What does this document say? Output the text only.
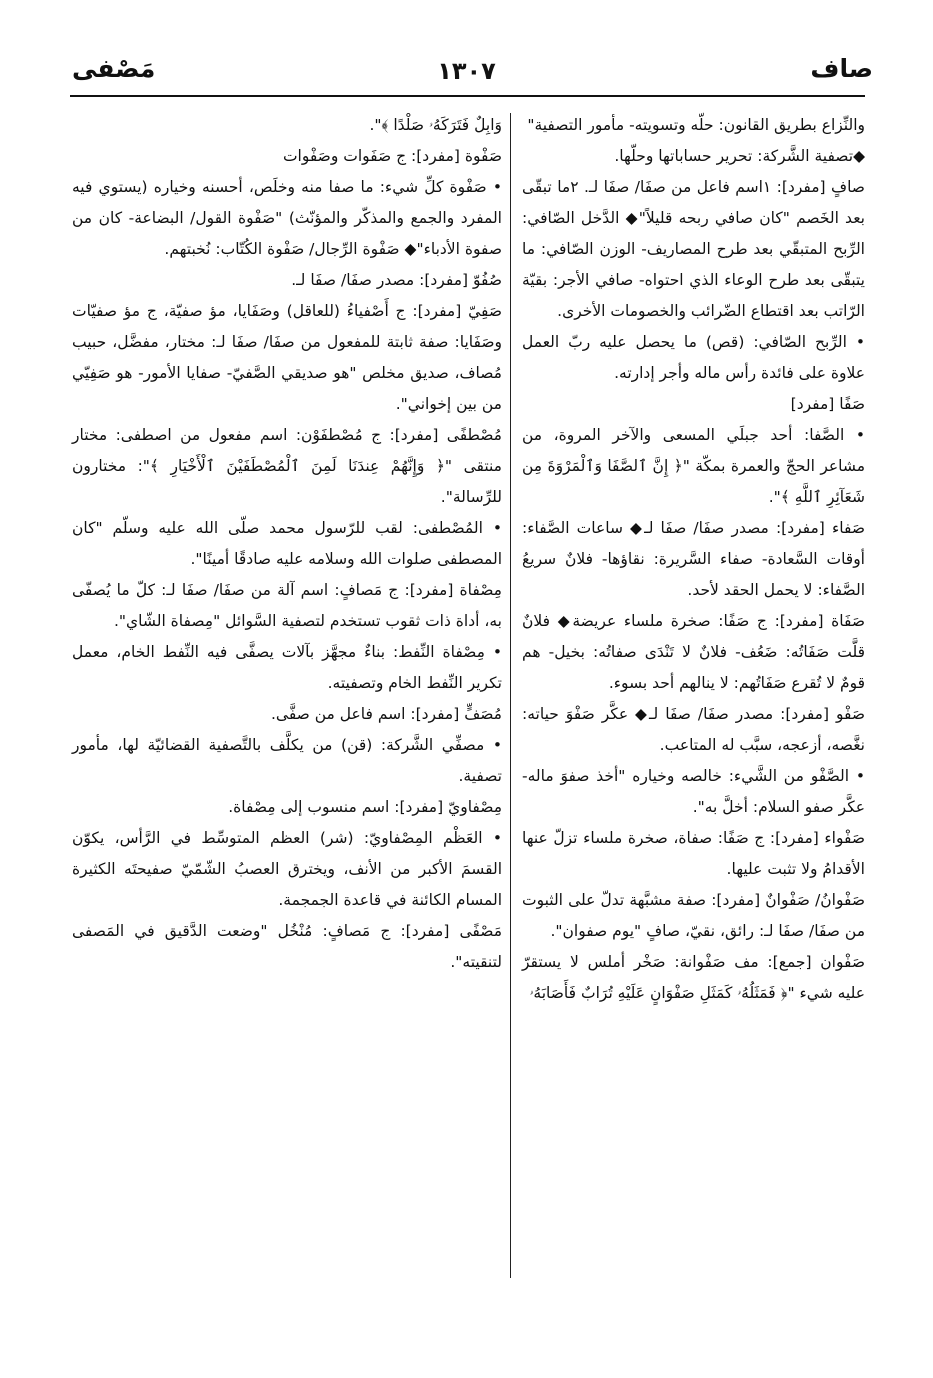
صاف
١٣٠٧
مَصْفى

والنِّزاع بطريق القانون: حلّه وتسويته- مأمور التصفية"

◆تصفية الشَّركة: تحرير حساباتها وحلّها.

صافٍ [مفرد]: ١اسم فاعل من صفَا/ صفَا لـ. ٢ما تبقّى بعد الخَصم "كان صافي ربحه قليلاً"◆ الدَّخل الصّافي: الرِّبح المتبقّي بعد طرح المصاريف- الوزن الصّافي: ما يتبقّى بعد طرح الوعاء الذي احتواه- صافي الأجر: بقيّة الرّاتب بعد اقتطاع الضّرائب والخصومات الأخرى.

• الرِّبح الصّافي: (قص) ما يحصل عليه ربّ العمل علاوة على فائدة رأس ماله وأجر إدارته.

صَفًا [مفرد]

• الصَّفا: أحد جبلَي المسعى والآخر المروة، من مشاعر الحجّ والعمرة بمكّة "﴿ إِنَّ ٱلصَّفَا وَٱلْمَرْوَةَ مِن شَعَآئِرِ ٱللَّهِ ﴾".

صَفاء [مفرد]: مصدر صفَا/ صفَا لـ◆ ساعات الصَّفاء: أوقات السَّعادة- صفاء السَّريرة: نقاؤها- فلانٌ سريعُ الصَّفاء: لا يحمل الحقد لأحد.

صَفَاة [مفرد]: ج صَفًا: صخرة ملساء عريضة◆ فلانٌ قلَّت صَفَاتُه: ضَعُف- فلانٌ لا تَنْدَى صفاتُه: بخيل- هم قومٌ لا تُقرع صَفَاتُهم: لا ينالهم أحد بسوء.

صَفْو [مفرد]: مصدر صفَا/ صفَا لـ◆ عكَّر صَفْوَ حياته: نغَّصه، أزعجه، سبَّب له المتاعب.

• الصَّفْو من الشَّيء: خالصه وخياره "أخذ صفوَ ماله- عكَّر صفو السلام: أخلَّ به".

صَفْواء [مفرد]: ج صَفًا: صفاة، صخرة ملساء تزلّ عنها الأقدامُ ولا تثبت عليها.

صَفْوانُ/ صَفْوانٌ [مفرد]: صفة مشبَّهة تدلّ على الثبوت من صفَا/ صفَا لـ: رائق، نقيّ، صافٍ "يوم صفوان".

صَفْوان [جمع]: مف صَفْوانة: صَخْر أملس لا يستقرّ عليه شيء "﴿ فَمَثَلُهُۥ كَمَثَلِ صَفْوَانٍ عَلَيْهِ تُرَابٌ فَأَصَابَهُۥ

وَابِلٌ فَتَرَكَهُۥ صَلْدًا ﴾".

صَفْوة [مفرد]: ج صَفَوات وصَفْوات

• صَفْوة كلِّ شيء: ما صفا منه وخلَص، أحسنه وخياره (يستوي فيه المفرد والجمع والمذكّر والمؤنّث) "صَفْوة القول/ البضاعة- كان من صفوة الأدباء"◆ صَفْوة الرِّجال/ صَفْوة الكُتّاب: نُخبتهم.

صُفُوّ [مفرد]: مصدر صفَا/ صفَا لـ.

صَفِيّ [مفرد]: ج أَصْفياءُ (للعاقل) وصَفَايا، مؤ صفيّة، ج مؤ صفيّات وصَفَايا: صفة ثابتة للمفعول من صفَا/ صفَا لـ: مختار، مفضَّل، حبيب مُصاف، صديق مخلص "هو صديقي الصَّفيّ- صفايا الأمور- هو صَفِيّي من بين إخواني".

مُصْطفًى [مفرد]: ج مُصْطفَوْن: اسم مفعول من اصطفى: مختار منتقى "﴿ وَإِنَّهُمْ عِندَنَا لَمِنَ ٱلْمُصْطَفَيْنَ ٱلْأَخْيَارِ ﴾": مختارون للرِّسالة".

• المُصْطفى: لقب للرّسول محمد صلّى الله عليه وسلّم "كان المصطفى صلوات الله وسلامه عليه صادقًا أمينًا".

مِصْفاة [مفرد]: ج مَصافٍ: اسم آلة من صفَا/ صفَا لـ: كلّ ما يُصفّى به، أداة ذات ثقوب تستخدم لتصفية السَّوائل "مِصفاة الشّاي".

• مِصْفاة النِّفط: بناءٌ مجهَّز بآلات يصفَّى فيه النِّفط الخام، معمل تكرير النِّفط الخام وتصفيته.

مُصَفٍّ [مفرد]: اسم فاعل من صفَّى.

• مصفِّي الشَّركة: (قن) من يكلَّف بالتَّصفية القضائيّة لها، مأمور تصفية.

مِصْفاويّ [مفرد]: اسم منسوب إلى مِصْفاة.

• العَظْم المِصْفاويّ: (شر) العظم المتوسِّط في الرَّأس، يكوّن القسمَ الأكبر من الأنف، ويخترق العصبُ الشّمّيّ صفيحتَه الكثيرة المسام الكائنة في قاعدة الجمجمة.

مَصْفًى [مفرد]: ج مَصافٍ: مُنْخُل "وضعت الدَّقيق في المَصفى لتنقيته".
